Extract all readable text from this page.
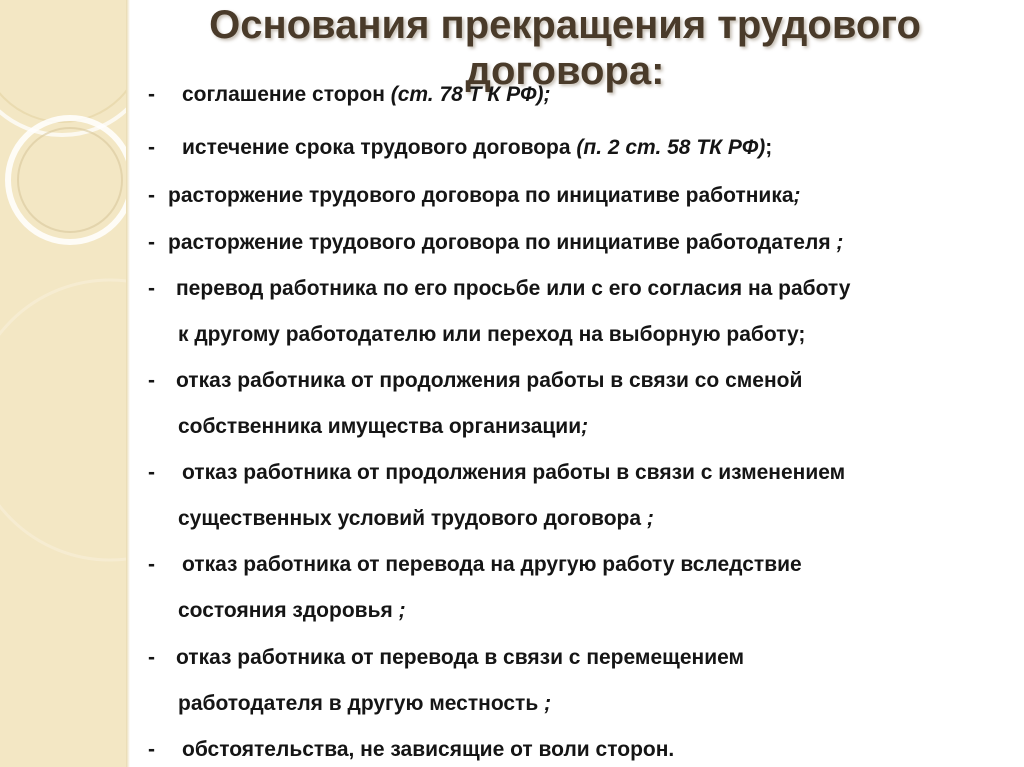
Основания прекращения трудового
договора:
- соглашение сторон (ст. 78 Т К РФ);
- истечение срока трудового договора (п. 2 ст. 58 ТК РФ);
- расторжение трудового договора по инициативе работника;
- расторжение трудового договора по инициативе работодателя ;
- перевод работника по его просьбе или с его согласия на работу
к другому работодателю или переход на выборную работу;
- отказ работника от продолжения работы в связи со сменой
собственника имущества организации;
- отказ работника от продолжения работы в связи с изменением
существенных условий трудового договора ;
- отказ работника от перевода на другую работу вследствие
состояния здоровья ;
- отказ работника от перевода в связи с перемещением
работодателя в другую местность ;
- обстоятельства, не зависящие от воли сторон.
